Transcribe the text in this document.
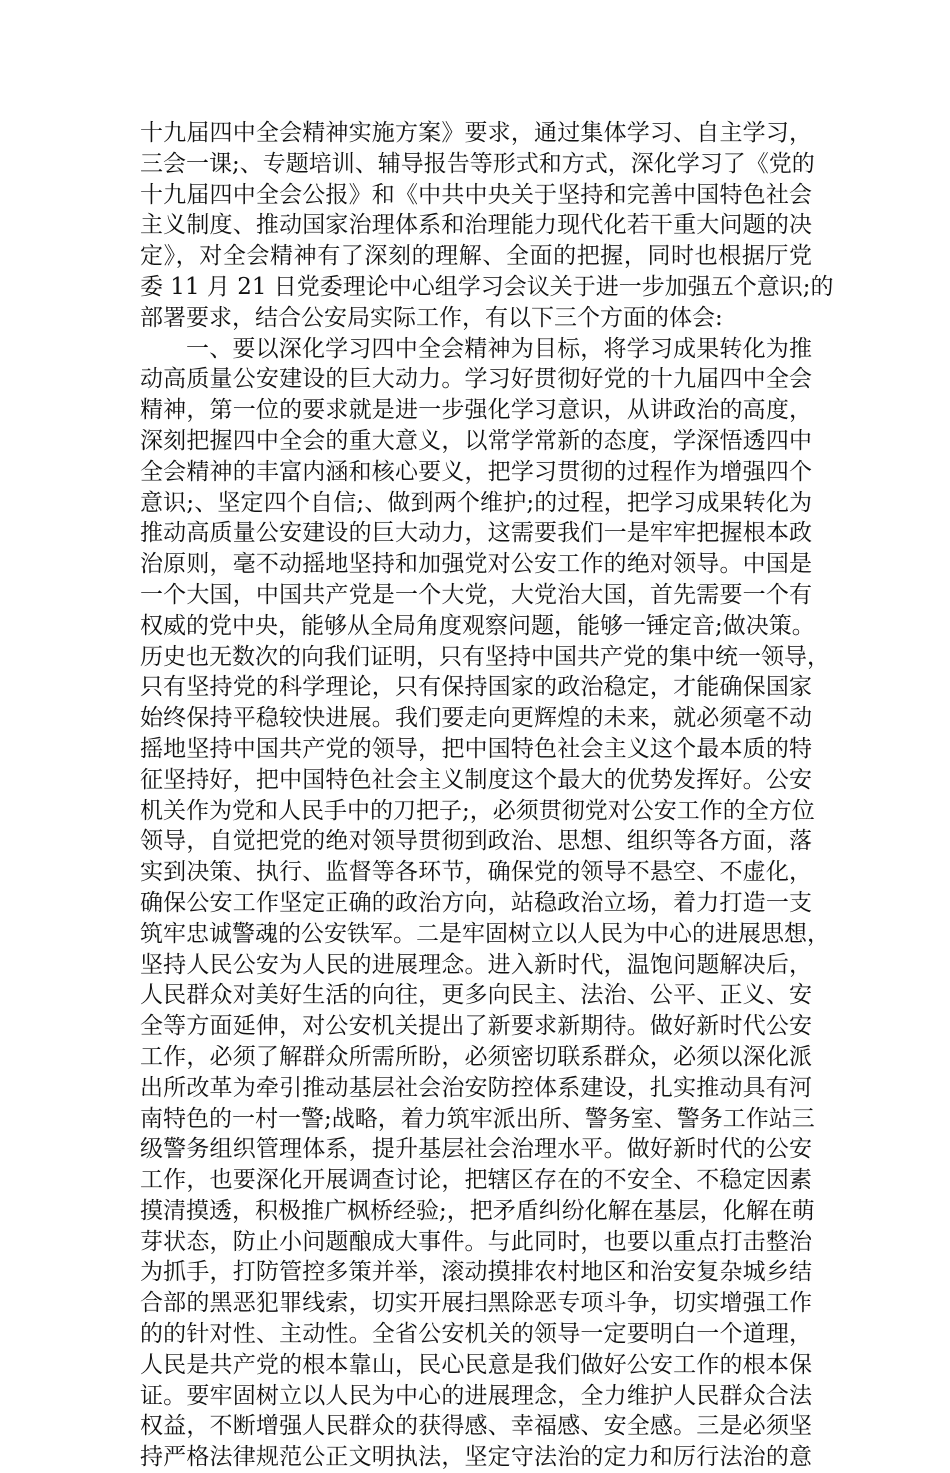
十九届四中全会精神实施方案》要求，通过集体学习、自主学习，
三会一课;、专题培训、辅导报告等形式和方式，深化学习了《党的
十九届四中全会公报》和《中共中央关于坚持和完善中国特色社会
主义制度、推动国家治理体系和治理能力现代化若干重大问题的决
定》，对全会精神有了深刻的理解、全面的把握，同时也根据厅党
委 11 月 21 日党委理论中心组学习会议关于进一步加强五个意识;的
部署要求，结合公安局实际工作，有以下三个方面的体会:
一、要以深化学习四中全会精神为目标，将学习成果转化为推
动高质量公安建设的巨大动力。学习好贯彻好党的十九届四中全会
精神，第一位的要求就是进一步强化学习意识，从讲政治的高度，
深刻把握四中全会的重大意义，以常学常新的态度，学深悟透四中
全会精神的丰富内涵和核心要义，把学习贯彻的过程作为增强四个
意识;、坚定四个自信;、做到两个维护;的过程，把学习成果转化为
推动高质量公安建设的巨大动力，这需要我们一是牢牢把握根本政
治原则，毫不动摇地坚持和加强党对公安工作的绝对领导。中国是
一个大国，中国共产党是一个大党，大党治大国，首先需要一个有
权威的党中央，能够从全局角度观察问题，能够一锤定音;做决策。
历史也无数次的向我们证明，只有坚持中国共产党的集中统一领导，
只有坚持党的科学理论，只有保持国家的政治稳定，才能确保国家
始终保持平稳较快进展。我们要走向更辉煌的未来，就必须毫不动
摇地坚持中国共产党的领导，把中国特色社会主义这个最本质的特
征坚持好，把中国特色社会主义制度这个最大的优势发挥好。公安
机关作为党和人民手中的刀把子;，必须贯彻党对公安工作的全方位
领导，自觉把党的绝对领导贯彻到政治、思想、组织等各方面，落
实到决策、执行、监督等各环节，确保党的领导不悬空、不虚化，
确保公安工作坚定正确的政治方向，站稳政治立场，着力打造一支
筑牢忠诚警魂的公安铁军。二是牢固树立以人民为中心的进展思想，
坚持人民公安为人民的进展理念。进入新时代，温饱问题解决后，
人民群众对美好生活的向往，更多向民主、法治、公平、正义、安
全等方面延伸，对公安机关提出了新要求新期待。做好新时代公安
工作，必须了解群众所需所盼，必须密切联系群众，必须以深化派
出所改革为牵引推动基层社会治安防控体系建设，扎实推动具有河
南特色的一村一警;战略，着力筑牢派出所、警务室、警务工作站三
级警务组织管理体系，提升基层社会治理水平。做好新时代的公安
工作，也要深化开展调查讨论，把辖区存在的不安全、不稳定因素
摸清摸透，积极推广枫桥经验;，把矛盾纠纷化解在基层，化解在萌
芽状态，防止小问题酿成大事件。与此同时，也要以重点打击整治
为抓手，打防管控多策并举，滚动摸排农村地区和治安复杂城乡结
合部的黑恶犯罪线索，切实开展扫黑除恶专项斗争，切实增强工作
的的针对性、主动性。全省公安机关的领导一定要明白一个道理，
人民是共产党的根本靠山，民心民意是我们做好公安工作的根本保
证。要牢固树立以人民为中心的进展理念，全力维护人民群众合法
权益，不断增强人民群众的获得感、幸福感、安全感。三是必须坚
持严格法律规范公正文明执法，坚定守法治的定力和厉行法治的意
